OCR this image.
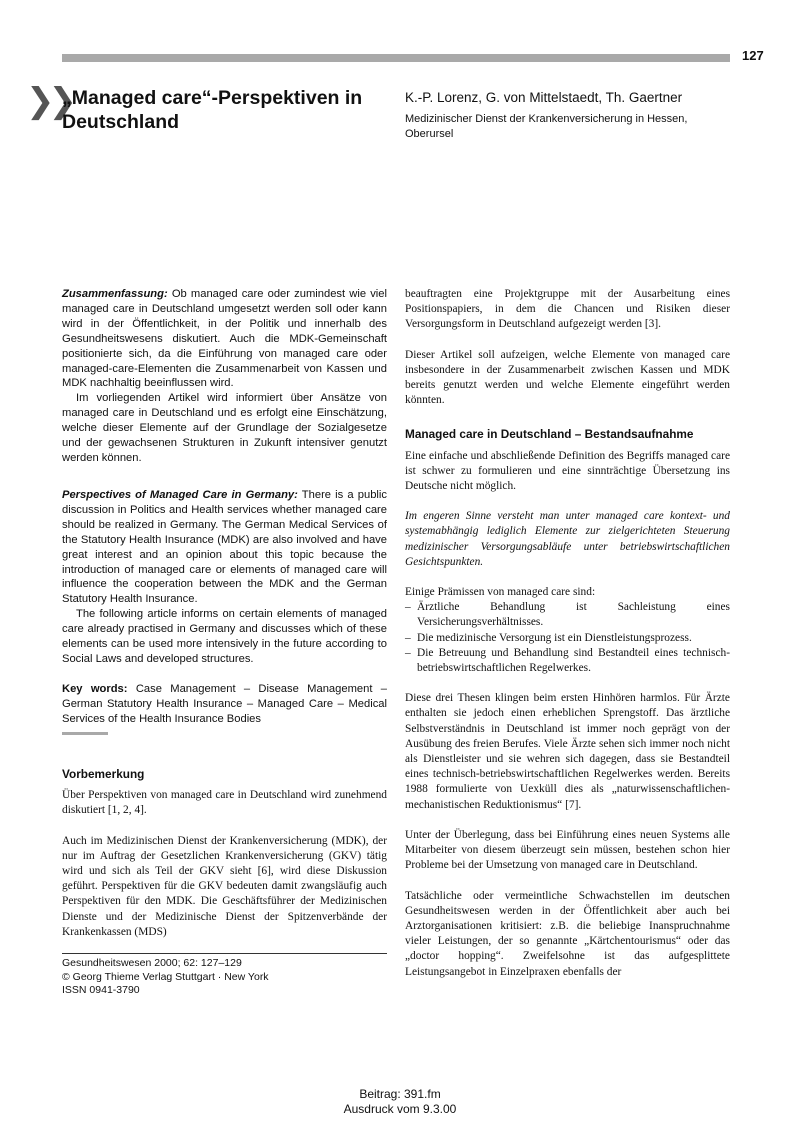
127
❯❯
„Managed care“-Perspektiven in Deutschland
K.-P. Lorenz, G. von Mittelstaedt, Th. Gaertner
Medizinischer Dienst der Krankenversicherung in Hessen, Oberursel

Zusammenfassung: Ob managed care oder zumindest wie viel managed care in Deutschland umgesetzt werden soll oder kann wird in der Öffentlichkeit, in der Politik und innerhalb des Gesundheitswesens diskutiert. Auch die MDK-Gemeinschaft positionierte sich, da die Einführung von managed care oder managed-care-Elementen die Zusammenarbeit von Kassen und MDK nachhaltig beeinflussen wird.

Im vorliegenden Artikel wird informiert über Ansätze von managed care in Deutschland und es erfolgt eine Einschätzung, welche dieser Elemente auf der Grundlage der Sozialgesetze und der gewachsenen Strukturen in Zukunft intensiver genutzt werden können.

Perspectives of Managed Care in Germany: There is a public discussion in Politics and Health services whether managed care should be realized in Germany. The German Medical Services of the Statutory Health Insurance (MDK) are also involved and have great interest and an opinion about this topic because the introduction of managed care or elements of managed care will influence the cooperation between the MDK and the German Statutory Health Insurance.

The following article informs on certain elements of managed care already practised in Germany and discusses which of these elements can be used more intensively in the future according to Social Laws and developed structures.

Key words: Case Management – Disease Management – German Statutory Health Insurance – Managed Care – Medical Services of the Health Insurance Bodies

Vorbemerkung

Über Perspektiven von managed care in Deutschland wird zunehmend diskutiert [1, 2, 4].

Auch im Medizinischen Dienst der Krankenversicherung (MDK), der nur im Auftrag der Gesetzlichen Krankenversicherung (GKV) tätig wird und sich als Teil der GKV sieht [6], wird diese Diskussion geführt. Perspektiven für die GKV bedeuten damit zwangsläufig auch Perspektiven für den MDK. Die Geschäftsführer der Medizinischen Dienste und der Medizinische Dienst der Spitzenverbände der Krankenkassen (MDS)

Gesundheitswesen 2000; 62: 127–129
© Georg Thieme Verlag Stuttgart · New York
ISSN 0941-3790

beauftragten eine Projektgruppe mit der Ausarbeitung eines Positionspapiers, in dem die Chancen und Risiken dieser Versorgungsform in Deutschland aufgezeigt werden [3].

Dieser Artikel soll aufzeigen, welche Elemente von managed care insbesondere in der Zusammenarbeit zwischen Kassen und MDK bereits genutzt werden und welche Elemente eingeführt werden könnten.

Managed care in Deutschland – Bestandsaufnahme

Eine einfache und abschließende Definition des Begriffs managed care ist schwer zu formulieren und eine sinnträchtige Übersetzung ins Deutsche nicht möglich.

Im engeren Sinne versteht man unter managed care kontext- und systemabhängig lediglich Elemente zur zielgerichteten Steuerung medizinischer Versorgungsabläufe unter betriebswirtschaftlichen Gesichtspunkten.

Einige Prämissen von managed care sind:

– Ärztliche Behandlung ist Sachleistung eines Versicherungsverhältnisses.
– Die medizinische Versorgung ist ein Dienstleistungsprozess.
– Die Betreuung und Behandlung sind Bestandteil eines technisch-betriebswirtschaftlichen Regelwerkes.

Diese drei Thesen klingen beim ersten Hinhören harmlos. Für Ärzte enthalten sie jedoch einen erheblichen Sprengstoff. Das ärztliche Selbstverständnis in Deutschland ist immer noch geprägt von der Ausübung des freien Berufes. Viele Ärzte sehen sich immer noch nicht als Dienstleister und sie wehren sich dagegen, dass sie Bestandteil eines technisch-betriebswirtschaftlichen Regelwerkes werden. Bereits 1988 formulierte von Uexküll dies als „naturwissenschaftlichen-mechanistischen Reduktionismus“ [7].

Unter der Überlegung, dass bei Einführung eines neuen Systems alle Mitarbeiter von diesem überzeugt sein müssen, bestehen schon hier Probleme bei der Umsetzung von managed care in Deutschland.

Tatsächliche oder vermeintliche Schwachstellen im deutschen Gesundheitswesen werden in der Öffentlichkeit aber auch bei Arztorganisationen kritisiert: z.B. die beliebige Inanspruchnahme vieler Leistungen, der so genannte „Kärtchentourismus“ oder das „doctor hopping“. Zweifelsohne ist das aufgesplittete Leistungsangebot in Einzelpraxen ebenfalls der

Beitrag: 391.fm
Ausdruck vom 9.3.00
